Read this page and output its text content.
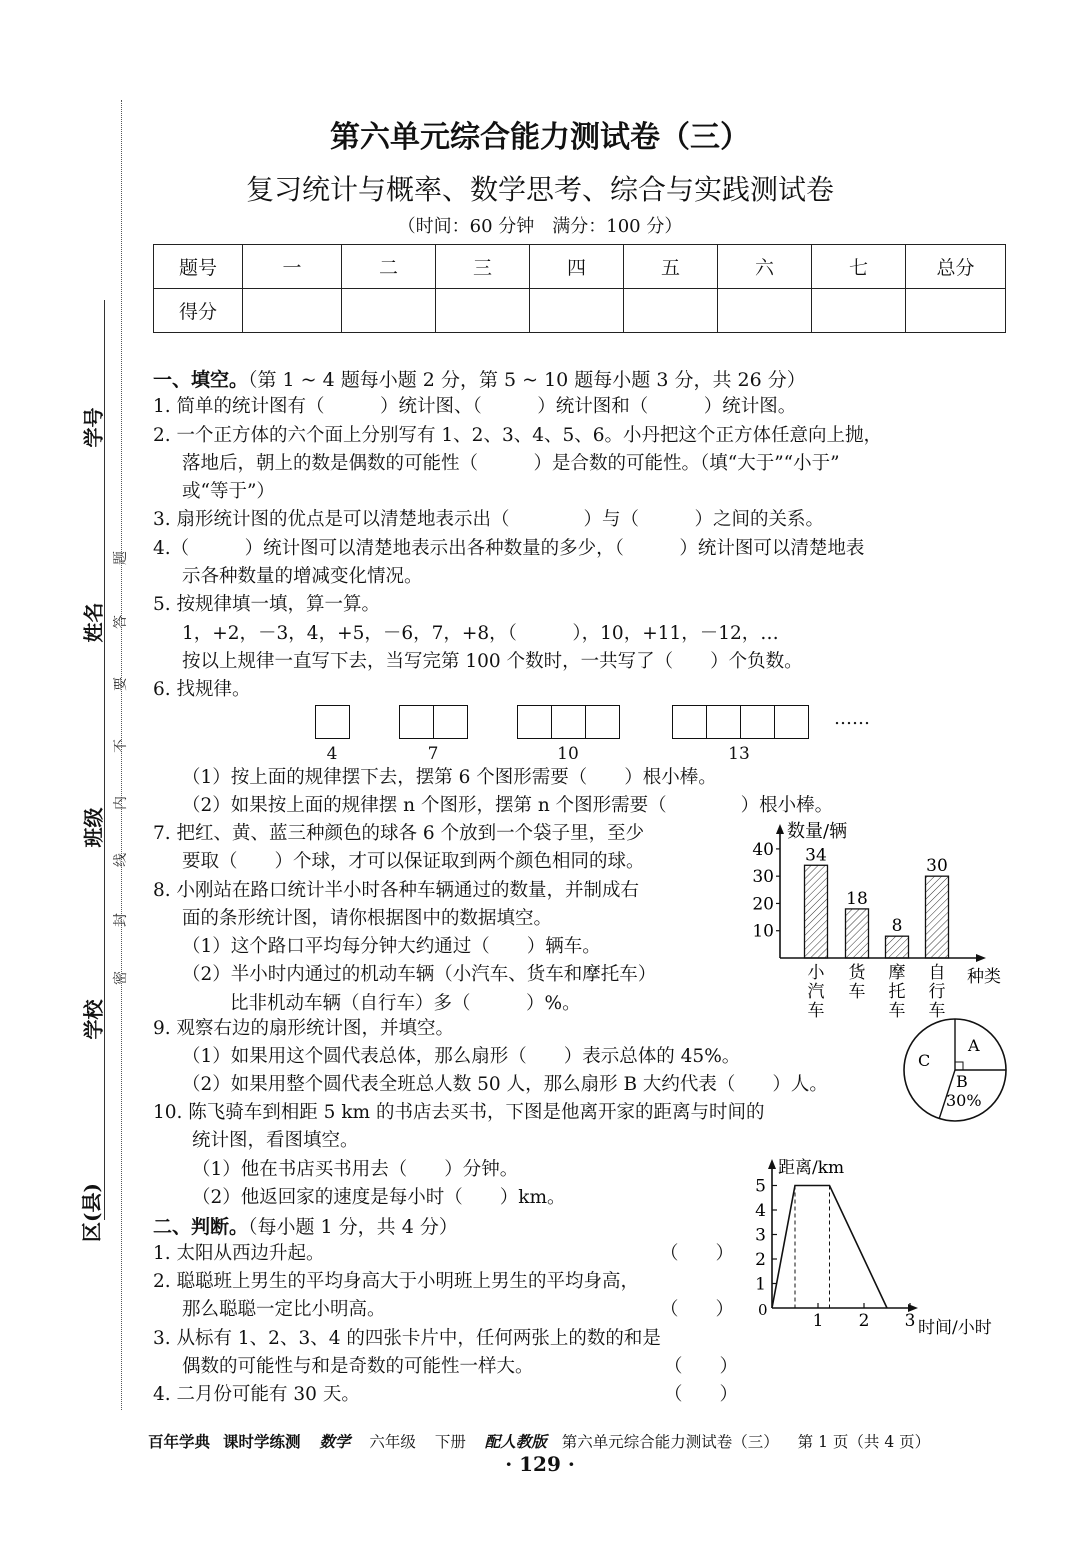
第六单元综合能力测试卷（三）
复习统计与概率、数学思考、综合与实践测试卷
（时间：60 分钟　满分：100 分）
题号	一	二	三	四	五	六	七	总分
得分								
学号
姓名
班级
学校
区(县)
题
答
要
不
内
线
封
密
一、填空。（第 1 ~ 4 题每小题 2 分，第 5 ~ 10 题每小题 3 分，共 26 分）
1. 简单的统计图有（　　　）统计图、（　　　）统计图和（　　　）统计图。
2. 一个正方体的六个面上分别写有 1、2、3、4、5、6。小丹把这个正方体任意向上抛，
落地后，朝上的数是偶数的可能性（　　　）是合数的可能性。（填“大于”“小于”
或“等于”）
3. 扇形统计图的优点是可以清楚地表示出（　　　　）与（　　　）之间的关系。
4.（　　　）统计图可以清楚地表示出各种数量的多少，（　　　）统计图可以清楚地表
示各种数量的增减变化情况。
5. 按规律填一填，算一算。
1，+2，－3，4，+5，－6，7，+8，（　　　），10，+11，－12，…
按以上规律一直写下去，当写完第 100 个数时，一共写了（　　）个负数。
6. 找规律。
……
4	7	10	13
（1）按上面的规律摆下去，摆第 6 个图形需要（　　）根小棒。
（2）如果按上面的规律摆 n 个图形，摆第 n 个图形需要（　　　　）根小棒。
7. 把红、黄、蓝三种颜色的球各 6 个放到一个袋子里，至少
要取（　　）个球，才可以保证取到两个颜色相同的球。
8. 小刚站在路口统计半小时各种车辆通过的数量，并制成右
面的条形统计图，请你根据图中的数据填空。
（1）这个路口平均每分钟大约通过（　　）辆车。
（2）半小时内通过的机动车辆（小汽车、货车和摩托车）
比非机动车辆（自行车）多（　　　）%。
9. 观察右边的扇形统计图，并填空。
（1）如果用这个圆代表总体，那么扇形（　　）表示总体的 45%。
（2）如果用整个圆代表全班总人数 50 人，那么扇形 B 大约代表（　　）人。
10. 陈飞骑车到相距 5 km 的书店去买书，下图是他离开家的距离与时间的
统计图，看图填空。
（1）他在书店买书用去（　　）分钟。
（2）他返回家的速度是每小时（　　）km。
二、判断。（每小题 1 分，共 4 分）
1. 太阳从西边升起。
2. 聪聪班上男生的平均身高大于小明班上男生的平均身高，
那么聪聪一定比小明高。
3. 从标有 1、2、3、4 的四张卡片中，任何两张上的数的和是
偶数的可能性与和是奇数的可能性一样大。
4. 二月份可能有 30 天。
（　　）
（　　）
（　　）
（　　）
数量/辆
种类
10
20
30
40 34
小
汽
车
18
货
车
8
摩
托
车
30
自
行
车
A
B
30%
C
距离/km
时间/小时
0
1
2
3
4
5
1 2 3
百年学典 课时学练测 数学 六年级 下册 配人教版 第六单元综合能力测试卷（三） 第 1 页（共 4 页）
· 129 ·
